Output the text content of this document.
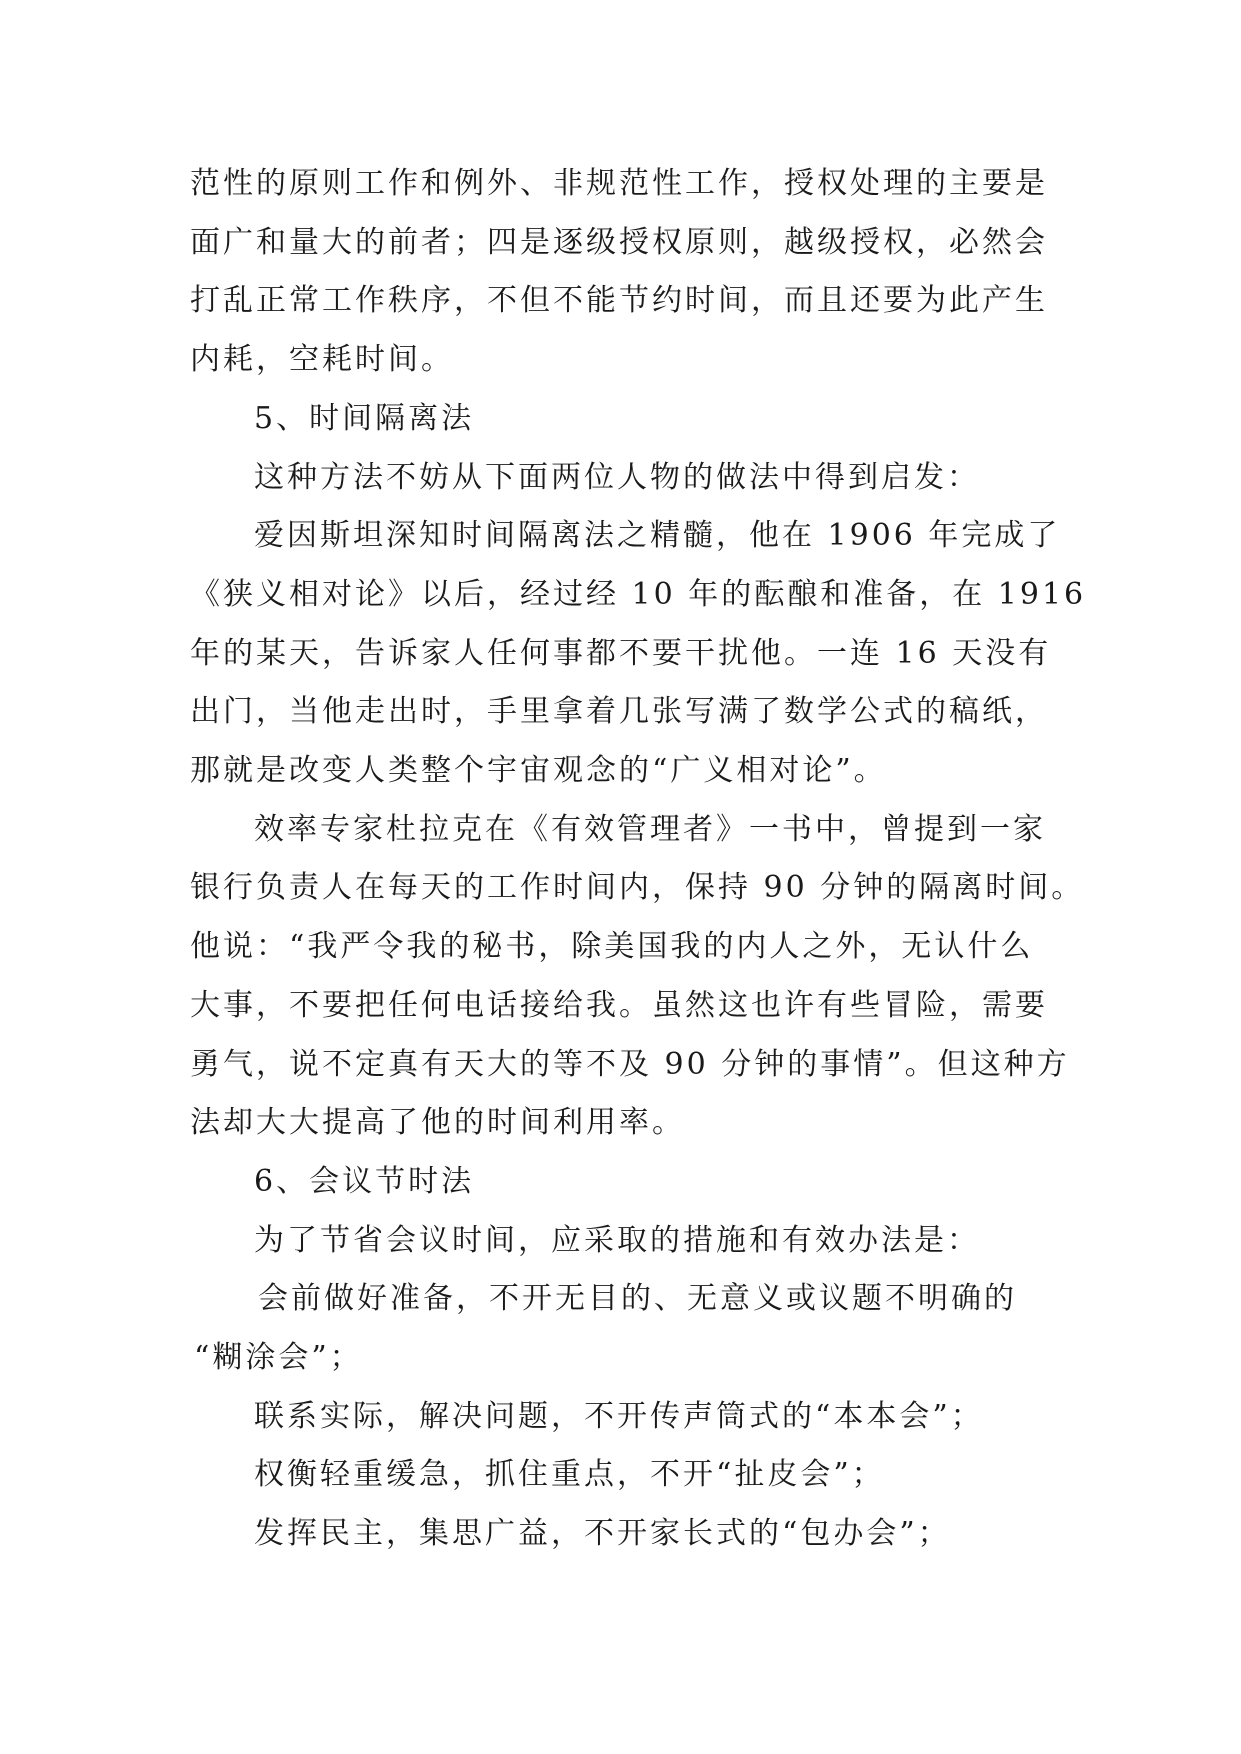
范性的原则工作和例外、非规范性工作，授权处理的主要是

面广和量大的前者；四是逐级授权原则，越级授权，必然会

打乱正常工作秩序，不但不能节约时间，而且还要为此产生

内耗，空耗时间。

5、时间隔离法

这种方法不妨从下面两位人物的做法中得到启发：

爱因斯坦深知时间隔离法之精髓，他在 1906 年完成了

《狭义相对论》以后，经过经 10 年的酝酿和准备，在 1916

年的某天，告诉家人任何事都不要干扰他。一连 16 天没有

出门，当他走出时，手里拿着几张写满了数学公式的稿纸，

那就是改变人类整个宇宙观念的“广义相对论”。

效率专家杜拉克在《有效管理者》一书中，曾提到一家

银行负责人在每天的工作时间内，保持 90 分钟的隔离时间。

他说：“我严令我的秘书，除美国我的内人之外，无认什么

大事，不要把任何电话接给我。虽然这也许有些冒险，需要

勇气，说不定真有天大的等不及 90 分钟的事情”。但这种方

法却大大提高了他的时间利用率。

6、会议节时法

为了节省会议时间，应采取的措施和有效办法是：

会前做好准备，不开无目的、无意义或议题不明确的

“糊涂会”；

联系实际，解决问题，不开传声筒式的“本本会”；

权衡轻重缓急，抓住重点，不开“扯皮会”；

发挥民主，集思广益，不开家长式的“包办会”；
